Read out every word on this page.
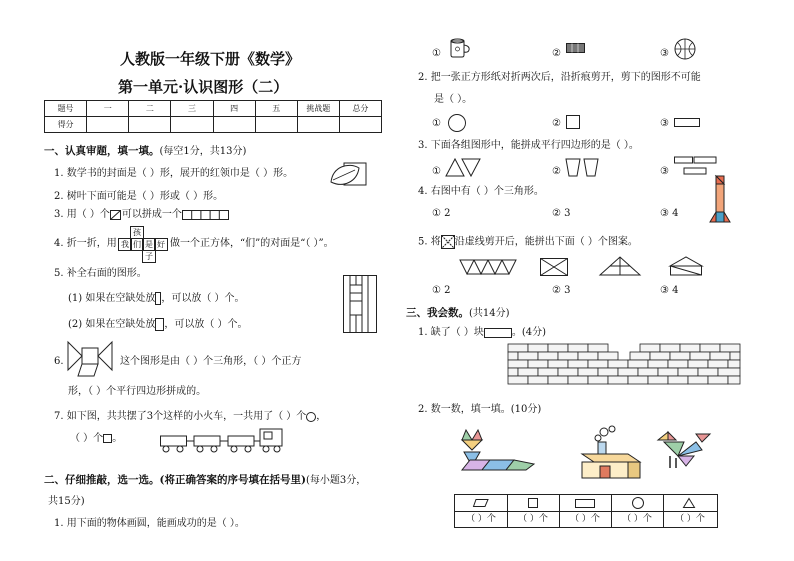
人教版一年级下册《数学》
第一单元·认识图形（二）
题号	一	二	三	四	五	挑战题	总分
得分							
一、认真审题，填一填。(每空1分，共13分)
1. 数学书的封面是（ ）形，展开的红领巾是（ ）形。
2. 树叶下面可能是（ ）形或（ ）形。
3. 用（ ）个 可以拼成一个
4. 折一折，用
孩
我 们 是 好
子
做一个正方体，“们”的对面是“（ ）”。
5. 补全右面的图形。
(1) 如果在空缺处放 ，可以放（ ）个。
(2) 如果在空缺处放 ，可以放（ ）个。
6.	这个图形是由（ ）个三角形，（ ）个正方
形，（ ）个平行四边形拼成的。
7. 如下图，共共摆了3个这样的小火车，一共用了（ ）个 ，
（ ）个 。
二、仔细推敲，选一选。(将正确答案的序号填在括号里)(每小题3分，
共15分)
1. 用下面的物体画圆，能画成功的是（ ）。
①	②	③
2. 把一张正方形纸对折两次后，沿折痕剪开，剪下的图形不可能
是（ ）。
①	②	③
3. 下面各组图形中，能拼成平行四边形的是（ ）。
①	②	③
4. 右图中有（ ）个三角形。
① 2	② 3	③ 4
5. 将 沿虚线剪开后，能拼出下面（ ）个图案。
① 2	② 3	③ 4
三、我会数。(共14分)
1. 缺了（ ）块	。(4分)
2. 数一数，填一填。(10分)
（ ）个	（ ）个	（ ）个	（ ）个	（ ）个
